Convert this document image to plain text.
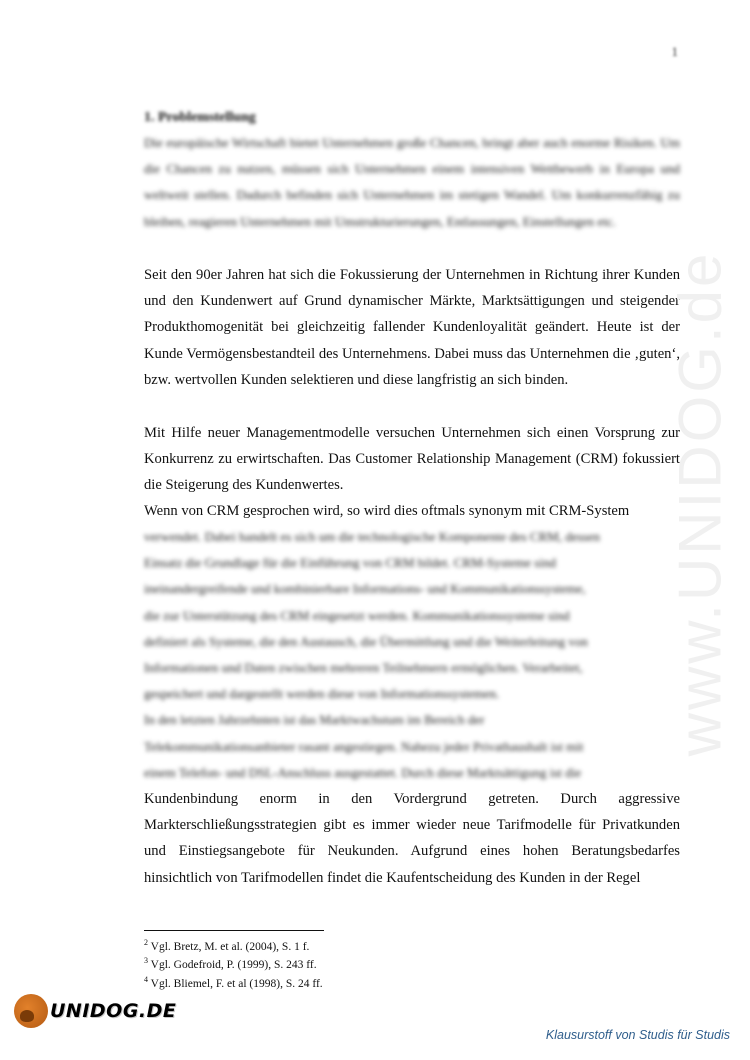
1
1. Problemstellung

Die europäische Wirtschaft bietet Unternehmen große Chancen, bringt aber auch enorme Risiken. Um die Chancen zu nutzen, müssen sich Unternehmen einem intensiven Wettbewerb in Europa und weltweit stellen. Dadurch befinden sich Unternehmen im stetigen Wandel. Um konkurrenzfähig zu bleiben, reagieren Unternehmen mit Umstrukturierungen, Entlassungen, Einstellungen etc.

Seit den 90er Jahren hat sich die Fokussierung der Unternehmen in Richtung ihrer Kunden und den Kundenwert auf Grund dynamischer Märkte, Marktsättigungen und steigender Produkthomogenität bei gleichzeitig fallender Kundenloyalität geändert. Heute ist der Kunde Vermögensbestandteil des Unternehmens. Dabei muss das Unternehmen die ‚guten‘, bzw. wertvollen Kunden selektieren und diese langfristig an sich binden.

Mit Hilfe neuer Managementmodelle versuchen Unternehmen sich einen Vorsprung zur Konkurrenz zu erwirtschaften. Das Customer Relationship Management (CRM) fokussiert die Steigerung des Kundenwertes.

Wenn von CRM gesprochen wird, so wird dies oftmals synonym mit CRM-System

verwendet. Dabei handelt es sich um die technologische Komponente des CRM, dessen
Einsatz die Grundlage für die Einführung von CRM bildet. CRM-Systeme sind
ineinandergreifende und kombinierbare Informations- und Kommunikationssysteme,
die zur Unterstützung des CRM eingesetzt werden. Kommunikationssysteme sind
definiert als Systeme, die den Austausch, die Übermittlung und die Weiterleitung von
Informationen und Daten zwischen mehreren Teilnehmern ermöglichen. Verarbeitet,
gespeichert und dargestellt werden diese von Informationssystemen.
In den letzten Jahrzehnten ist das Marktwachstum im Bereich der
Telekommunikationsanbieter rasant angestiegen. Nahezu jeder Privathaushalt ist mit
einem Telefon- und DSL-Anschluss ausgestattet. Durch diese Marktsättigung ist die

Kundenbindung enorm in den Vordergrund getreten. Durch aggressive Markterschließungsstrategien gibt es immer wieder neue Tarifmodelle für Privatkunden und Einstiegsangebote für Neukunden. Aufgrund eines hohen Beratungsbedarfes hinsichtlich von Tarifmodellen findet die Kaufentscheidung des Kunden in der Regel

www.UNIDOG.de
$^2$ Vgl. Bretz, M. et al. (2004), S. 1 f.
$^3$ Vgl. Godefroid, P. (1999), S. 243 ff.
$^4$ Vgl. Bliemel, F. et al (1998), S. 24 ff.
UNIDOG.DE
Klausurstoff von Studis für Studis
